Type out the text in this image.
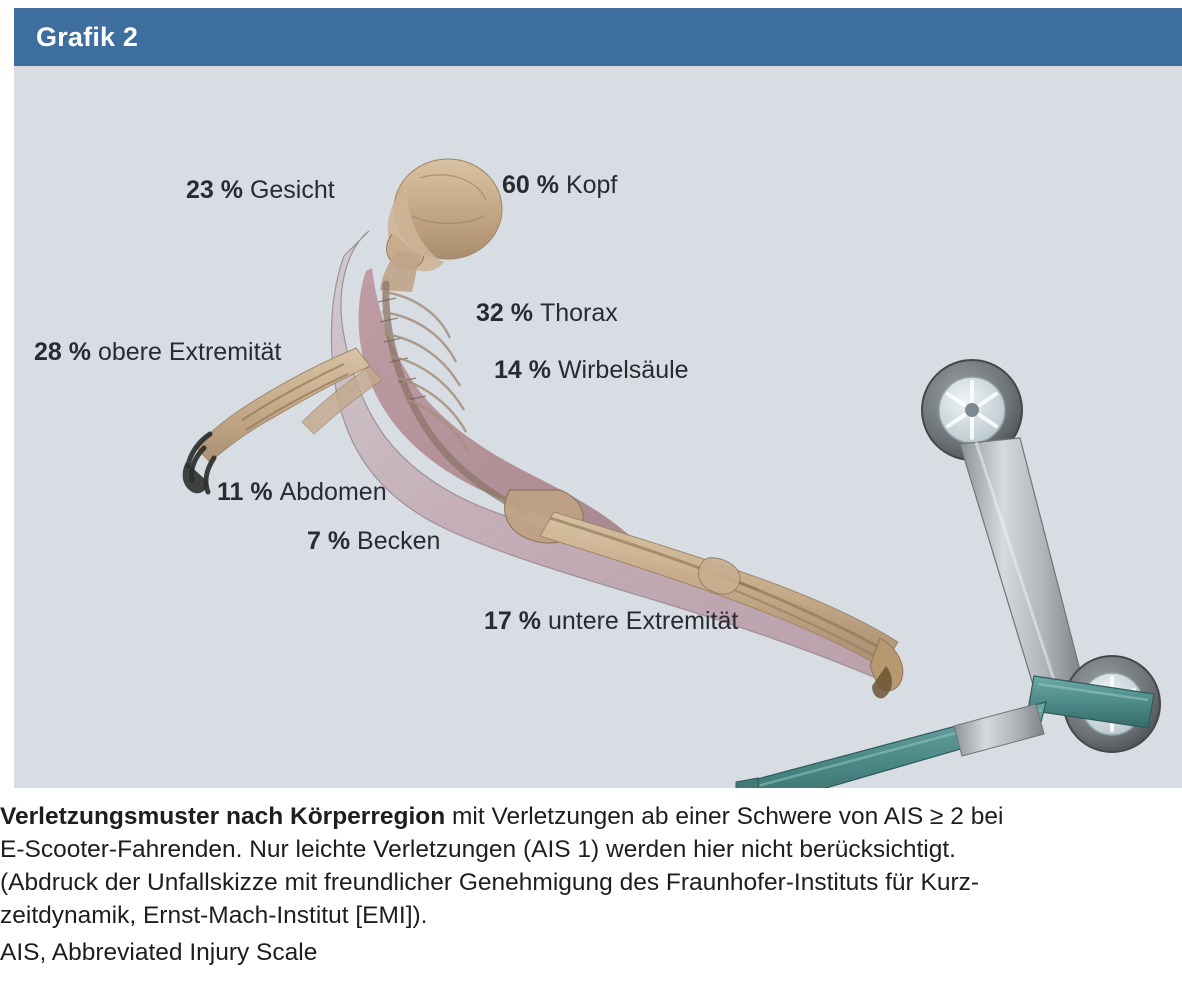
Grafik 2
23 % Gesicht	60 % Kopf
32 % Thorax
28 % obere Extremität
14 % Wirbelsäule
11 % Abdomen
7 % Becken
17 % untere Extremität
Verletzungsmuster nach Körperregion mit Verletzungen ab einer Schwere von AIS ≥ 2 bei
E-Scooter-Fahrenden. Nur leichte Verletzungen (AIS 1) werden hier nicht berücksichtigt.
(Abdruck der Unfallskizze mit freundlicher Genehmigung des Fraunhofer-Instituts für Kurz-
zeitdynamik, Ernst-Mach-Institut [EMI]).
AIS, Abbreviated Injury Scale
